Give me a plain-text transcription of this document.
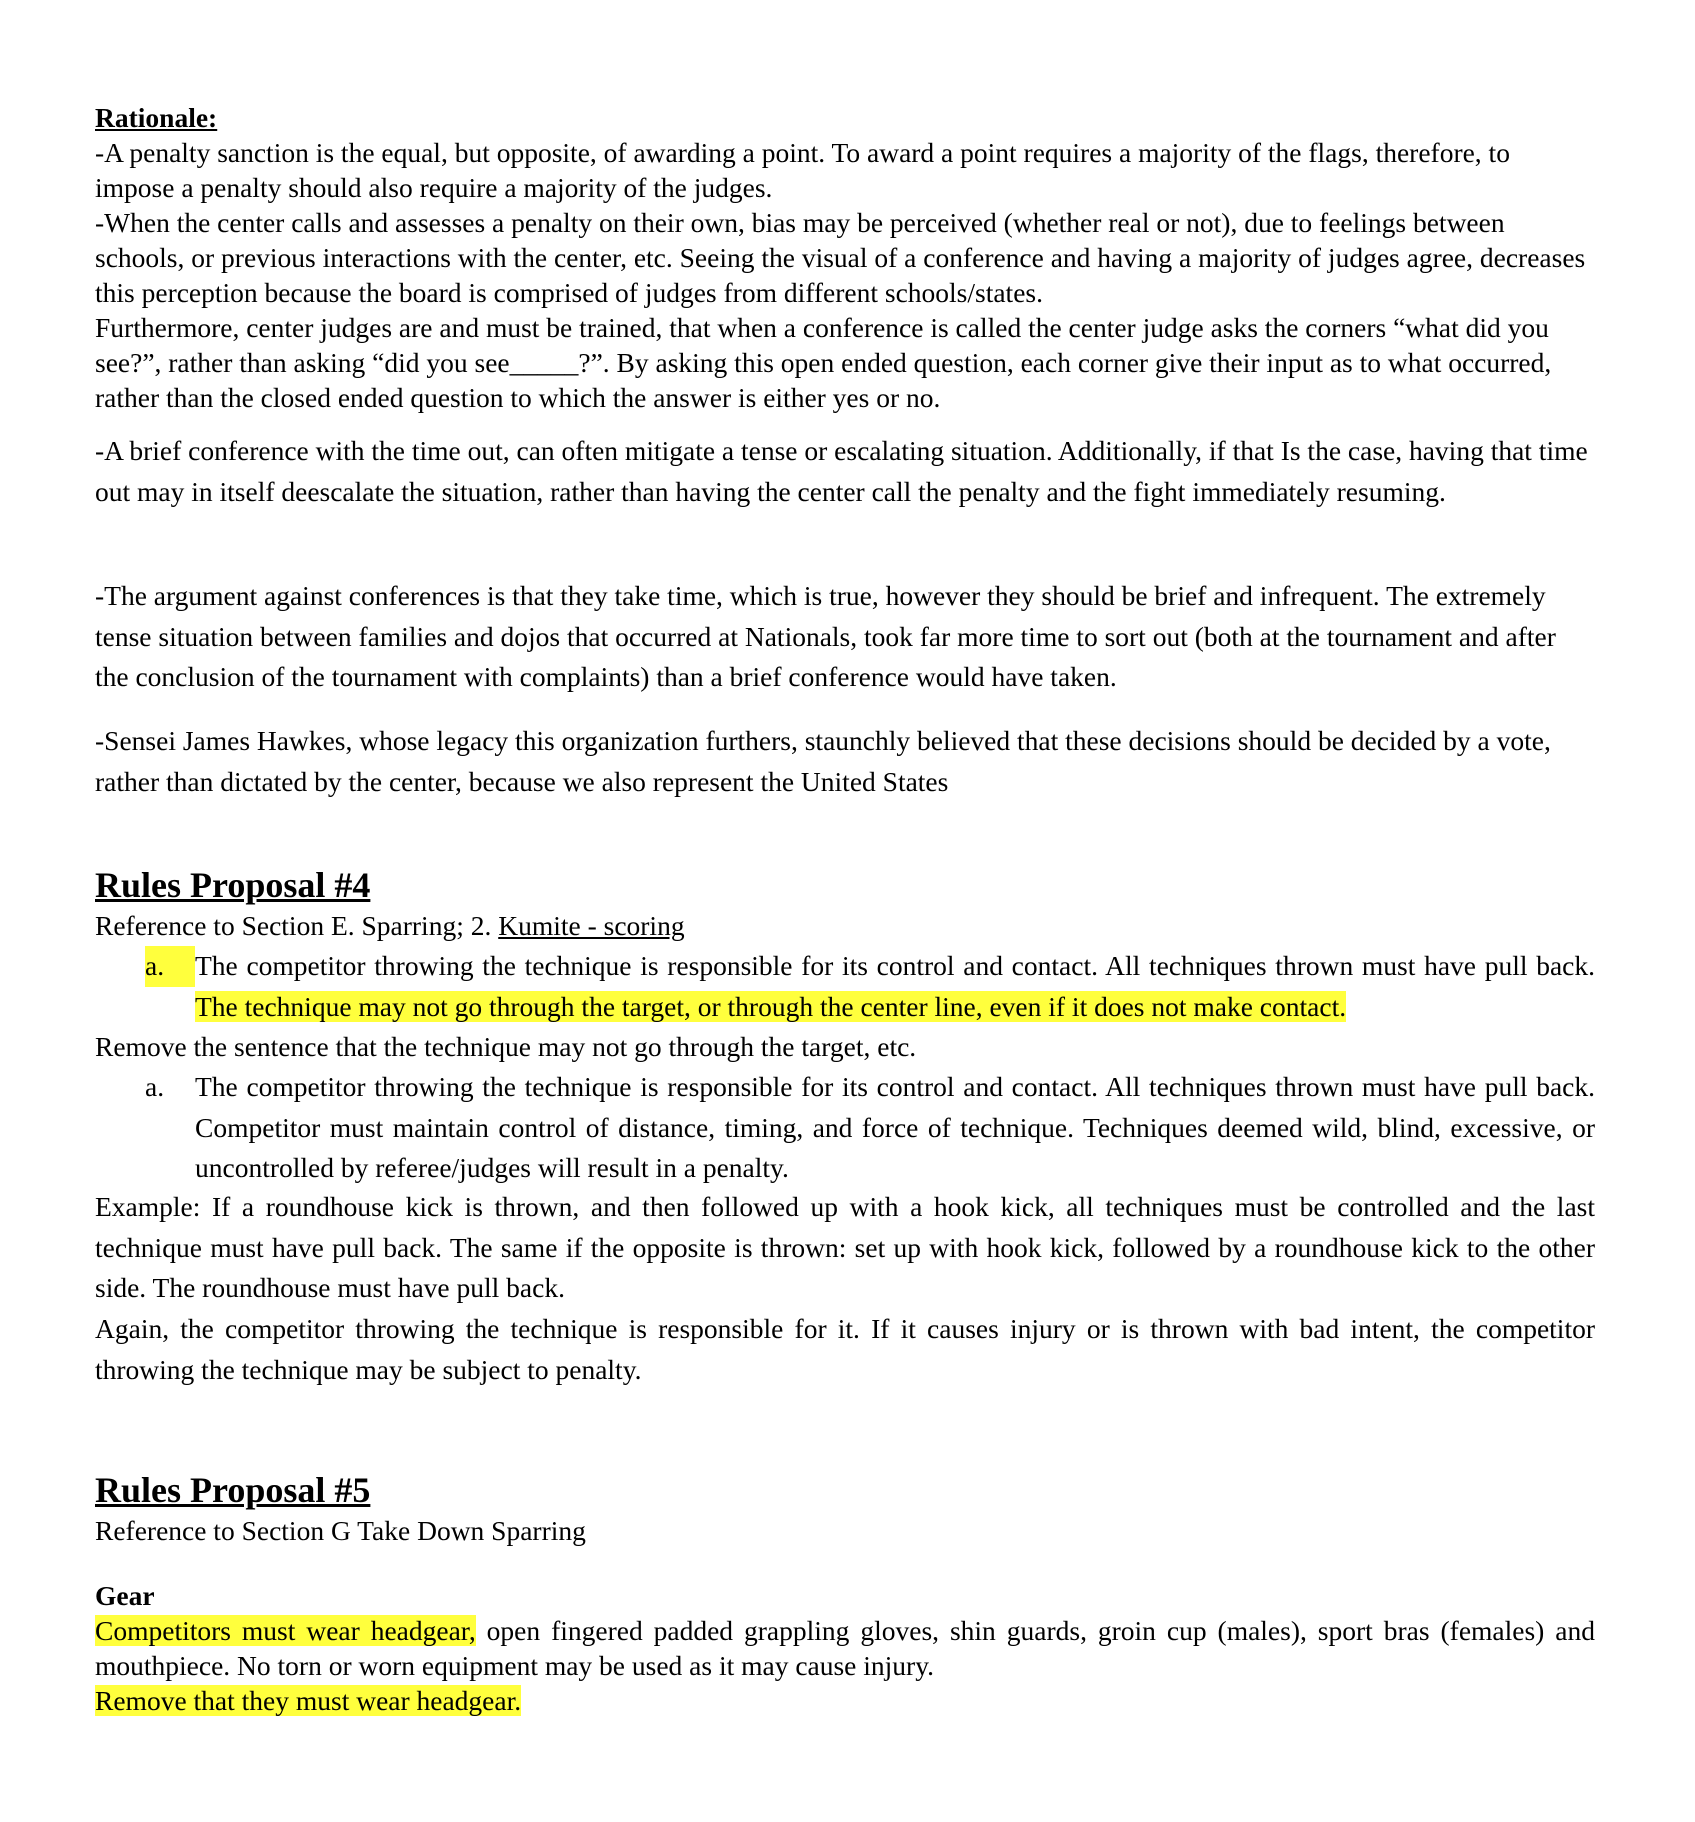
Rationale:
-A penalty sanction is the equal, but opposite, of awarding a point. To award a point requires a majority of the flags, therefore, to impose a penalty should also require a majority of the judges.
-When the center calls and assesses a penalty on their own, bias may be perceived (whether real or not), due to feelings between schools, or previous interactions with the center, etc. Seeing the visual of a conference and having a majority of judges agree, decreases this perception because the board is comprised of judges from different schools/states.
Furthermore, center judges are and must be trained, that when a conference is called the center judge asks the corners “what did you see?”, rather than asking “did you see_____?”. By asking this open ended question, each corner give their input as to what occurred, rather than the closed ended question to which the answer is either yes or no.

-A brief conference with the time out, can often mitigate a tense or escalating situation. Additionally, if that Is the case, having that time out may in itself deescalate the situation, rather than having the center call the penalty and the fight immediately resuming.

-The argument against conferences is that they take time, which is true, however they should be brief and infrequent. The extremely tense situation between families and dojos that occurred at Nationals, took far more time to sort out (both at the tournament and after the conclusion of the tournament with complaints) than a brief conference would have taken.

-Sensei James Hawkes, whose legacy this organization furthers, staunchly believed that these decisions should be decided by a vote, rather than dictated by the center, because we also represent the United States

Rules Proposal #4

Reference to Section E. Sparring; 2. Kumite - scoring

a.	The competitor throwing the technique is responsible for its control and contact. All techniques thrown must have pull back. The technique may not go through the target, or through the center line, even if it does not make contact.

Remove the sentence that the technique may not go through the target, etc.

a.	The competitor throwing the technique is responsible for its control and contact. All techniques thrown must have pull back. Competitor must maintain control of distance, timing, and force of technique. Techniques deemed wild, blind, excessive, or uncontrolled by referee/judges will result in a penalty.

Example: If a roundhouse kick is thrown, and then followed up with a hook kick, all techniques must be controlled and the last technique must have pull back. The same if the opposite is thrown: set up with hook kick, followed by a roundhouse kick to the other side. The roundhouse must have pull back.

Again, the competitor throwing the technique is responsible for it. If it causes injury or is thrown with bad intent, the competitor throwing the technique may be subject to penalty.

Rules Proposal #5

Reference to Section G Take Down Sparring

Gear
Competitors must wear headgear, open fingered padded grappling gloves, shin guards, groin cup (males), sport bras (females) and mouthpiece. No torn or worn equipment may be used as it may cause injury.
Remove that they must wear headgear.
